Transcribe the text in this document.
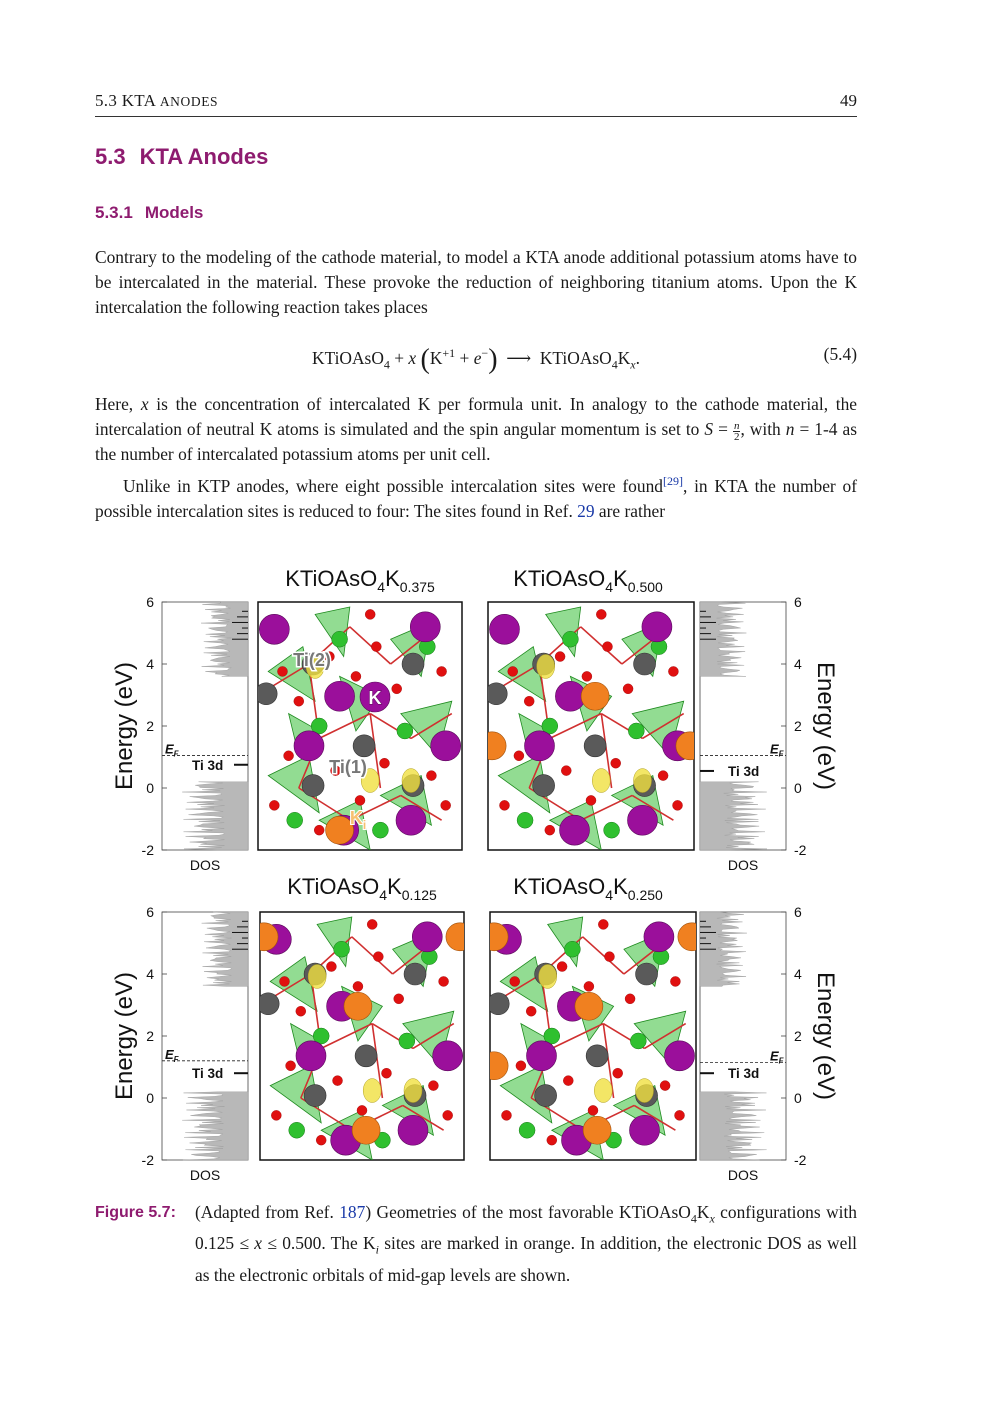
5.3 KTA ANODES	49
5.3 KTA Anodes
5.3.1 Models

Contrary to the modeling of the cathode material, to model a KTA anode additional potassium atoms have to be intercalated in the material. These provoke the reduction of neighboring titanium atoms. Upon the K intercalation the following reaction takes places

KTiOAsO$_4$ + x $(K^{+1} + e^-)$  ⟶  $KTiOAsO_4K_x$.	(5.4)

Here, x is the concentration of intercalated K per formula unit. In analogy to the cathode material, the intercalation of neutral K atoms is simulated and the spin angular momentum is set to $S = \frac{n}{2}$ , with n = 1-4 as the number of intercalated potassium atoms per unit cell.

Unlike in KTP anodes, where eight possible intercalation sites were found[29], in KTA the number of possible intercalation sites is reduced to four: The sites found in Ref. 29 are rather

$KTiOAsO_4K_{0.375}$	$KTiOAsO_4K_{0.500}$
6
4
2
0
-2
$E_F$
Ti 3d
DOS
6
4
2
0
-2
$E_F$
Ti 3d
DOS
$KTiOAsO_4K_{0.125}$	$KTiOAsO_4K_{0.250}$
6
4
2
0
-2
$E_F$
Ti 3d
DOS
6
4
2
0
-2
$E_F$
Ti 3d
DOS
Energy (eV)
Energy (eV)
Energy (eV)
Energy (eV)
Ti(2)
Ti(1)
K
$K_i$
Figure 5.7: (Adapted from Ref. 187) Geometries of the most favorable $KTiOAsO_4K_x$ configurations with 0.125 ≤ x ≤ 0.500. The $K_i$ sites are marked in orange. In addition, the electronic DOS as well as the electronic orbitals of mid-gap levels are shown.
